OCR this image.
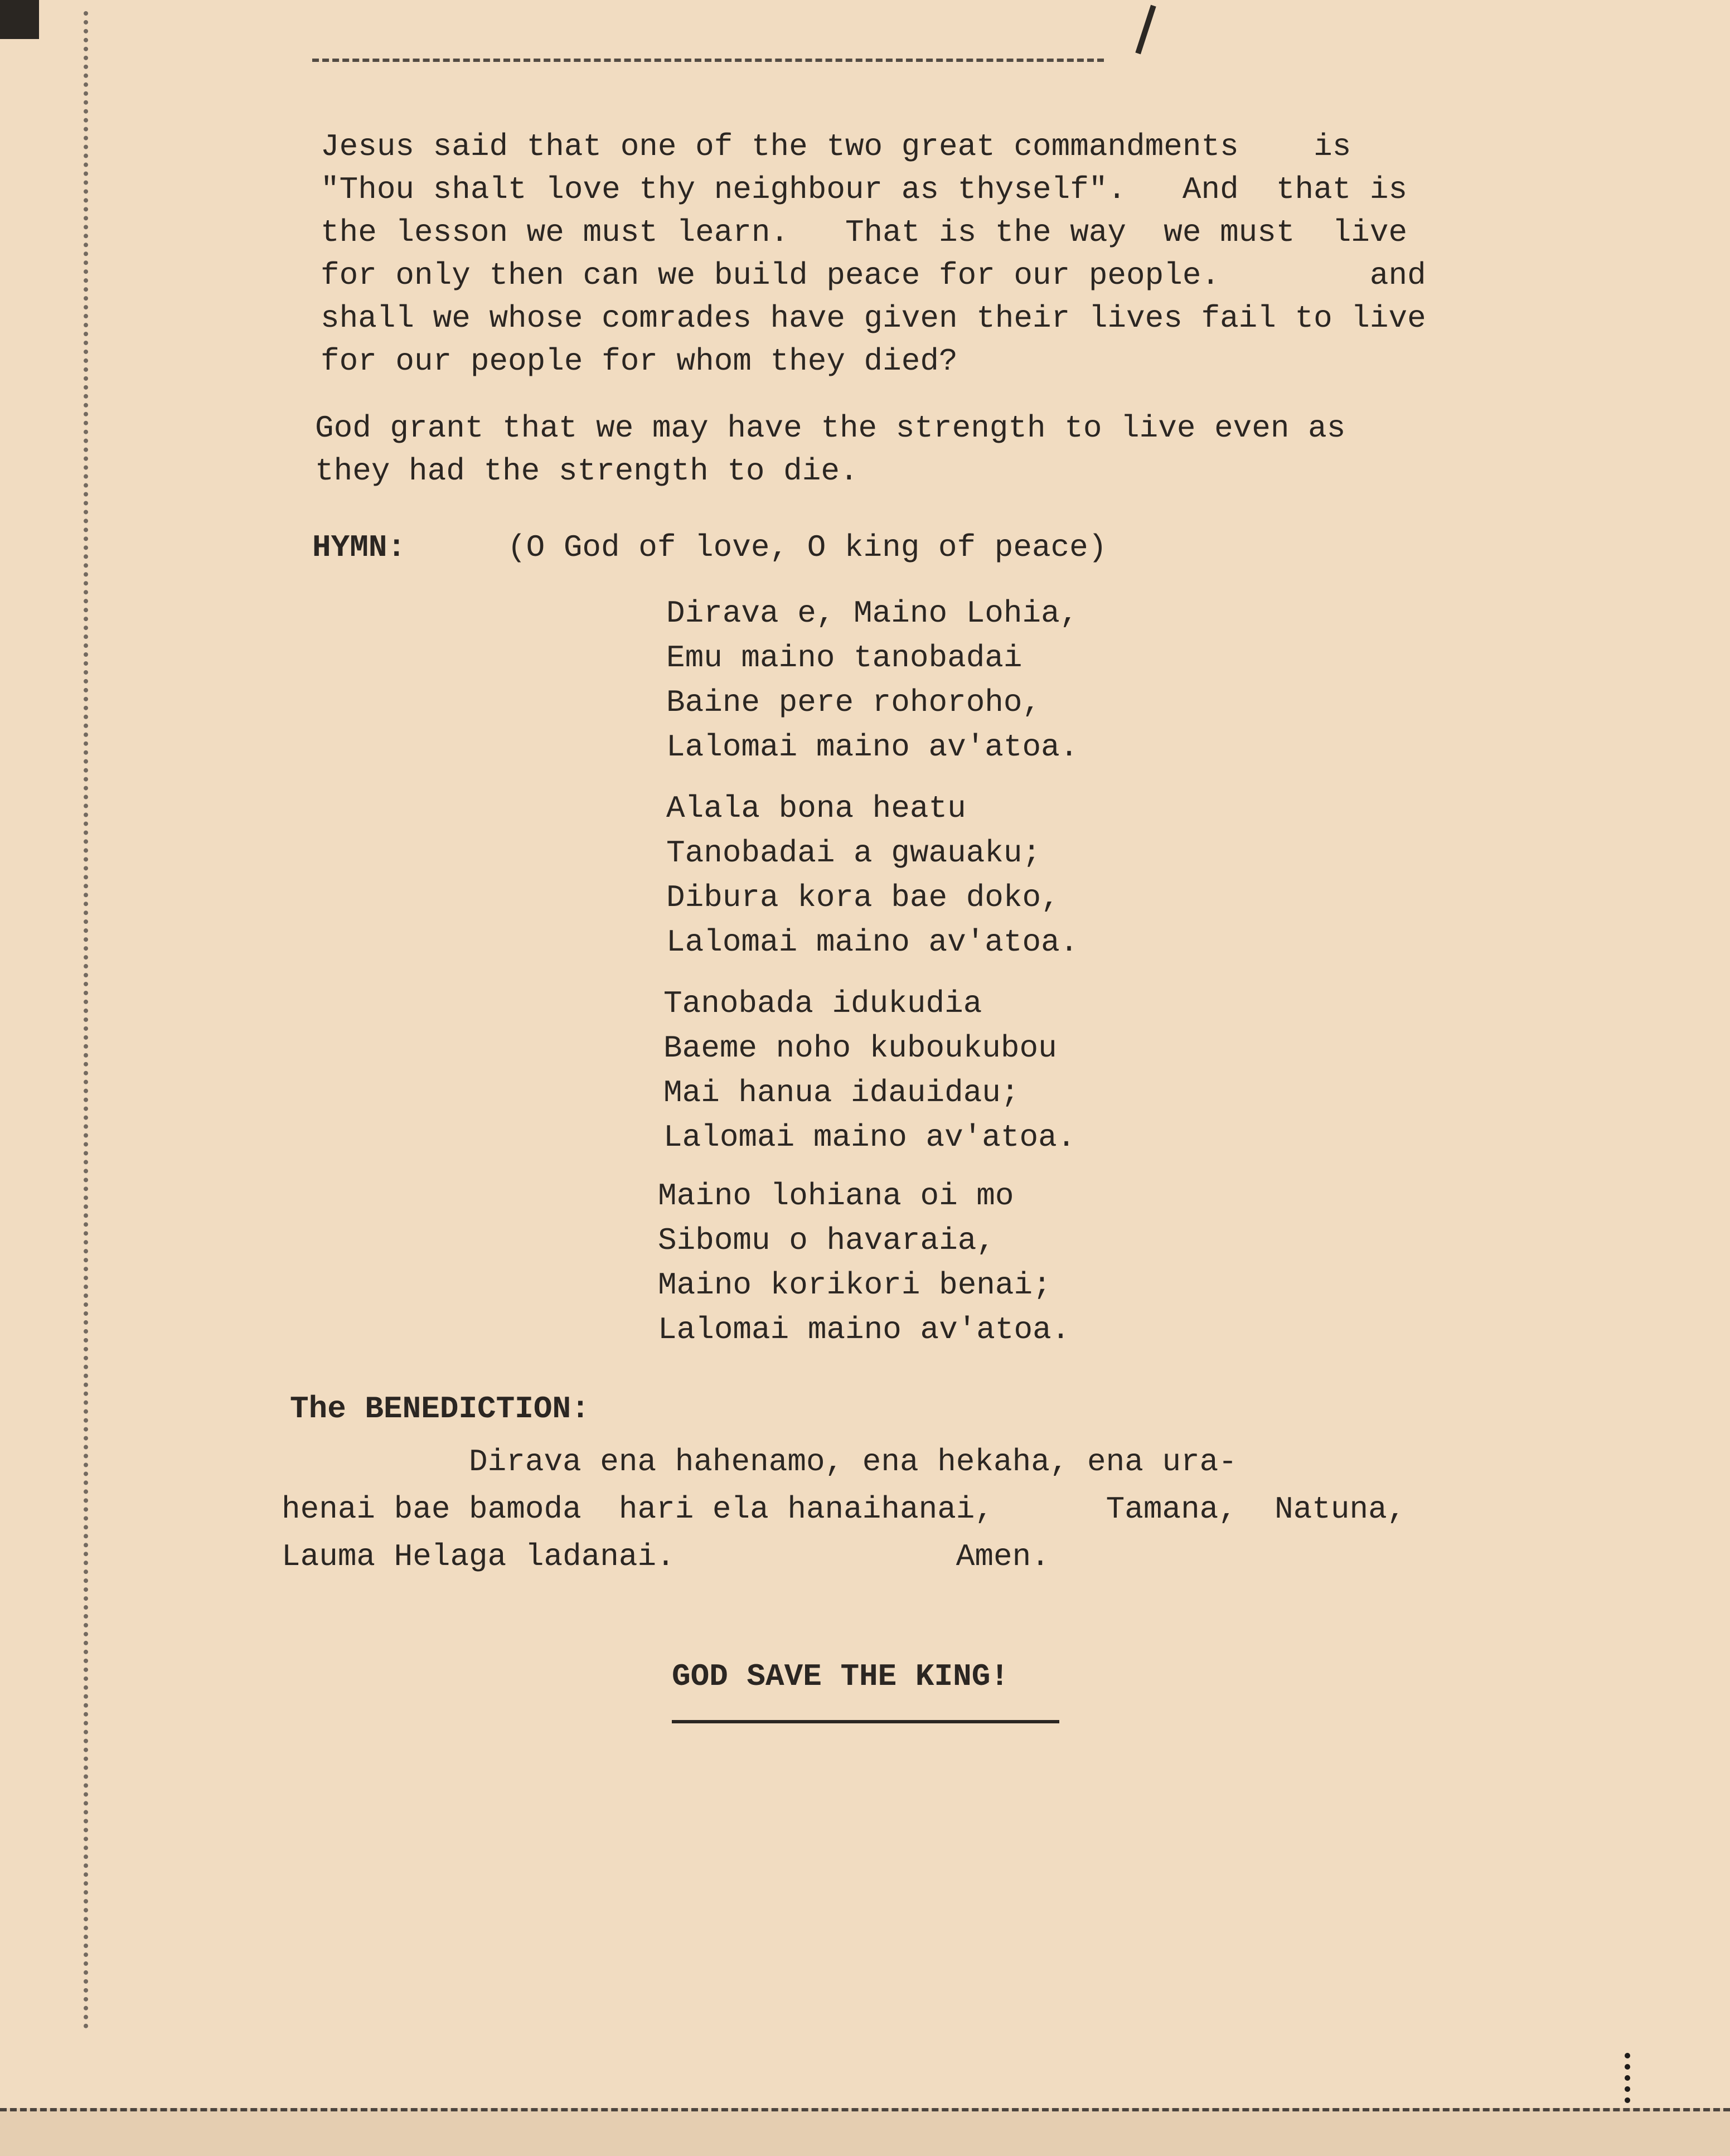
Jesus said that one of the two great commandments    is
"Thou shalt love thy neighbour as thyself".   And  that is
the lesson we must learn.   That is the way  we must  live
for only then can we build peace for our people.        and
shall we whose comrades have given their lives fail to live
for our people for whom they died?
God grant that we may have the strength to live even as
they had the strength to die.
HYMN:	(O God of love, O king of peace)
Dirava e, Maino Lohia,
Emu maino tanobadai
Baine pere rohoroho,
Lalomai maino av'atoa.
Alala bona heatu
Tanobadai a gwauaku;
Dibura kora bae doko,
Lalomai maino av'atoa.
Tanobada idukudia
Baeme noho kuboukubou
Mai hanua idauidau;
Lalomai maino av'atoa.
Maino lohiana oi mo
Sibomu o havaraia,
Maino korikori benai;
Lalomai maino av'atoa.
The BENEDICTION:
Dirava ena hahenamo, ena hekaha, ena ura-
henai bae bamoda  hari ela hanaihanai,      Tamana,  Natuna,
Lauma Helaga ladanai.               Amen.
GOD SAVE THE KING!
